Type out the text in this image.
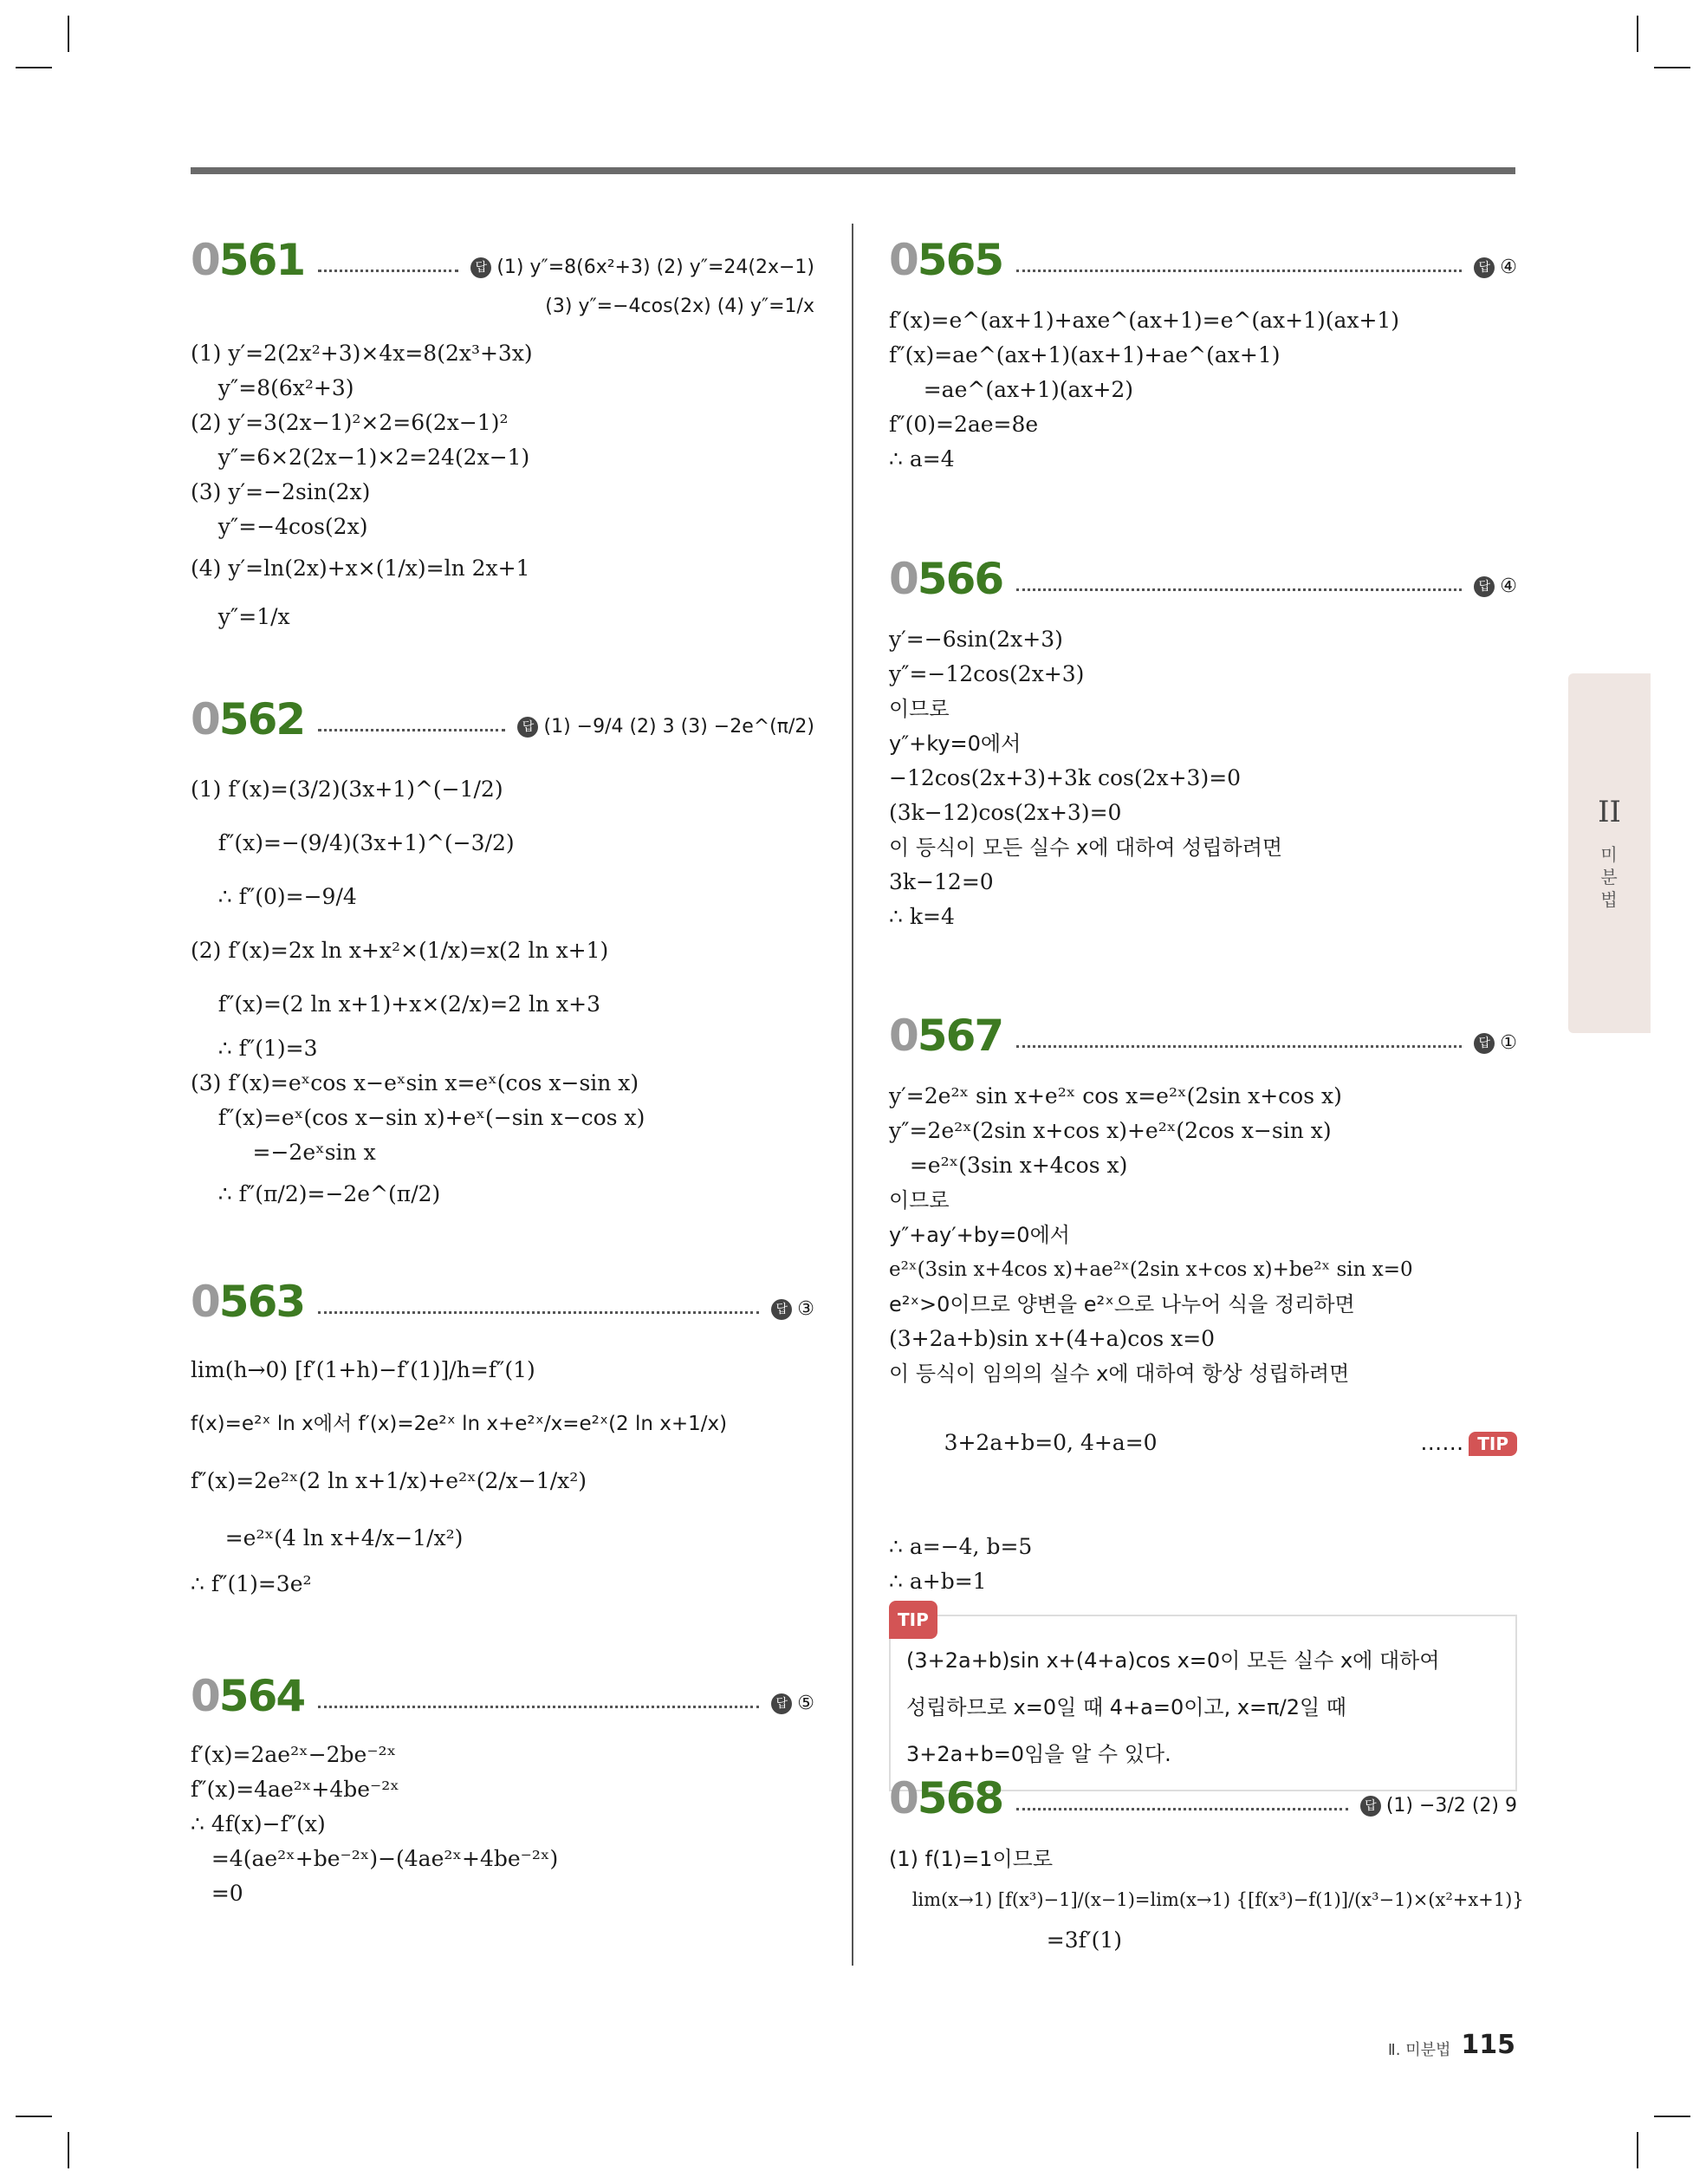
II
미분법
0561	답 (1) y″=8(6x²+3) (2) y″=24(2x−1)
(3) y″=−4cos(2x) (4) y″=1/x
(1) y′=2(2x²+3)×4x=8(2x³+3x)
y″=8(6x²+3)
(2) y′=3(2x−1)²×2=6(2x−1)²
y″=6×2(2x−1)×2=24(2x−1)
(3) y′=−2sin(2x)
y″=−4cos(2x)
(4) y′=ln(2x)+x×(1/x)=ln 2x+1
y″=1/x
0562	답 (1) −9/4 (2) 3 (3) −2e^(π/2)
(1) f′(x)=(3/2)(3x+1)^(−1/2)
f″(x)=−(9/4)(3x+1)^(−3/2)
∴ f″(0)=−9/4
(2) f′(x)=2x ln x+x²×(1/x)=x(2 ln x+1)
f″(x)=(2 ln x+1)+x×(2/x)=2 ln x+3
∴ f″(1)=3
(3) f′(x)=eˣcos x−eˣsin x=eˣ(cos x−sin x)
f″(x)=eˣ(cos x−sin x)+eˣ(−sin x−cos x)
=−2eˣsin x
∴ f″(π/2)=−2e^(π/2)
0563	답 ③
lim(h→0) [f′(1+h)−f′(1)]/h=f″(1)
f(x)=e²ˣ ln x에서 f′(x)=2e²ˣ ln x+e²ˣ/x=e²ˣ(2 ln x+1/x)
f″(x)=2e²ˣ(2 ln x+1/x)+e²ˣ(2/x−1/x²)
=e²ˣ(4 ln x+4/x−1/x²)
∴ f″(1)=3e²
0564	답 ⑤
f′(x)=2ae²ˣ−2be⁻²ˣ
f″(x)=4ae²ˣ+4be⁻²ˣ
∴ 4f(x)−f″(x)
=4(ae²ˣ+be⁻²ˣ)−(4ae²ˣ+4be⁻²ˣ)
=0
0565	답 ④
f′(x)=e^(ax+1)+axe^(ax+1)=e^(ax+1)(ax+1)
f″(x)=ae^(ax+1)(ax+1)+ae^(ax+1)
=ae^(ax+1)(ax+2)
f″(0)=2ae=8e
∴ a=4
0566	답 ④
y′=−6sin(2x+3)
y″=−12cos(2x+3)
이므로
y″+ky=0에서
−12cos(2x+3)+3k cos(2x+3)=0
(3k−12)cos(2x+3)=0
이 등식이 모든 실수 x에 대하여 성립하려면
3k−12=0
∴ k=4
0567	답 ①
y′=2e²ˣ sin x+e²ˣ cos x=e²ˣ(2sin x+cos x)
y″=2e²ˣ(2sin x+cos x)+e²ˣ(2cos x−sin x)
=e²ˣ(3sin x+4cos x)
이므로
y″+ay′+by=0에서
e²ˣ(3sin x+4cos x)+ae²ˣ(2sin x+cos x)+be²ˣ sin x=0
e²ˣ>0이므로 양변을 e²ˣ으로 나누어 식을 정리하면
(3+2a+b)sin x+(4+a)cos x=0
이 등식이 임의의 실수 x에 대하여 항상 성립하려면

3+2a+b=0, 4+a=0
	…… TIP

∴ a=−4, b=5
∴ a+b=1
TIP
(3+2a+b)sin x+(4+a)cos x=0이 모든 실수 x에 대하여
성립하므로 x=0일 때 4+a=0이고, x=π/2일 때
3+2a+b=0임을 알 수 있다.
0568	답 (1) −3/2 (2) 9
(1) f(1)=1이므로
lim(x→1) [f(x³)−1]/(x−1)=lim(x→1) {[f(x³)−f(1)]/(x³−1)×(x²+x+1)}
=3f′(1)
Ⅱ. 미분법 115
